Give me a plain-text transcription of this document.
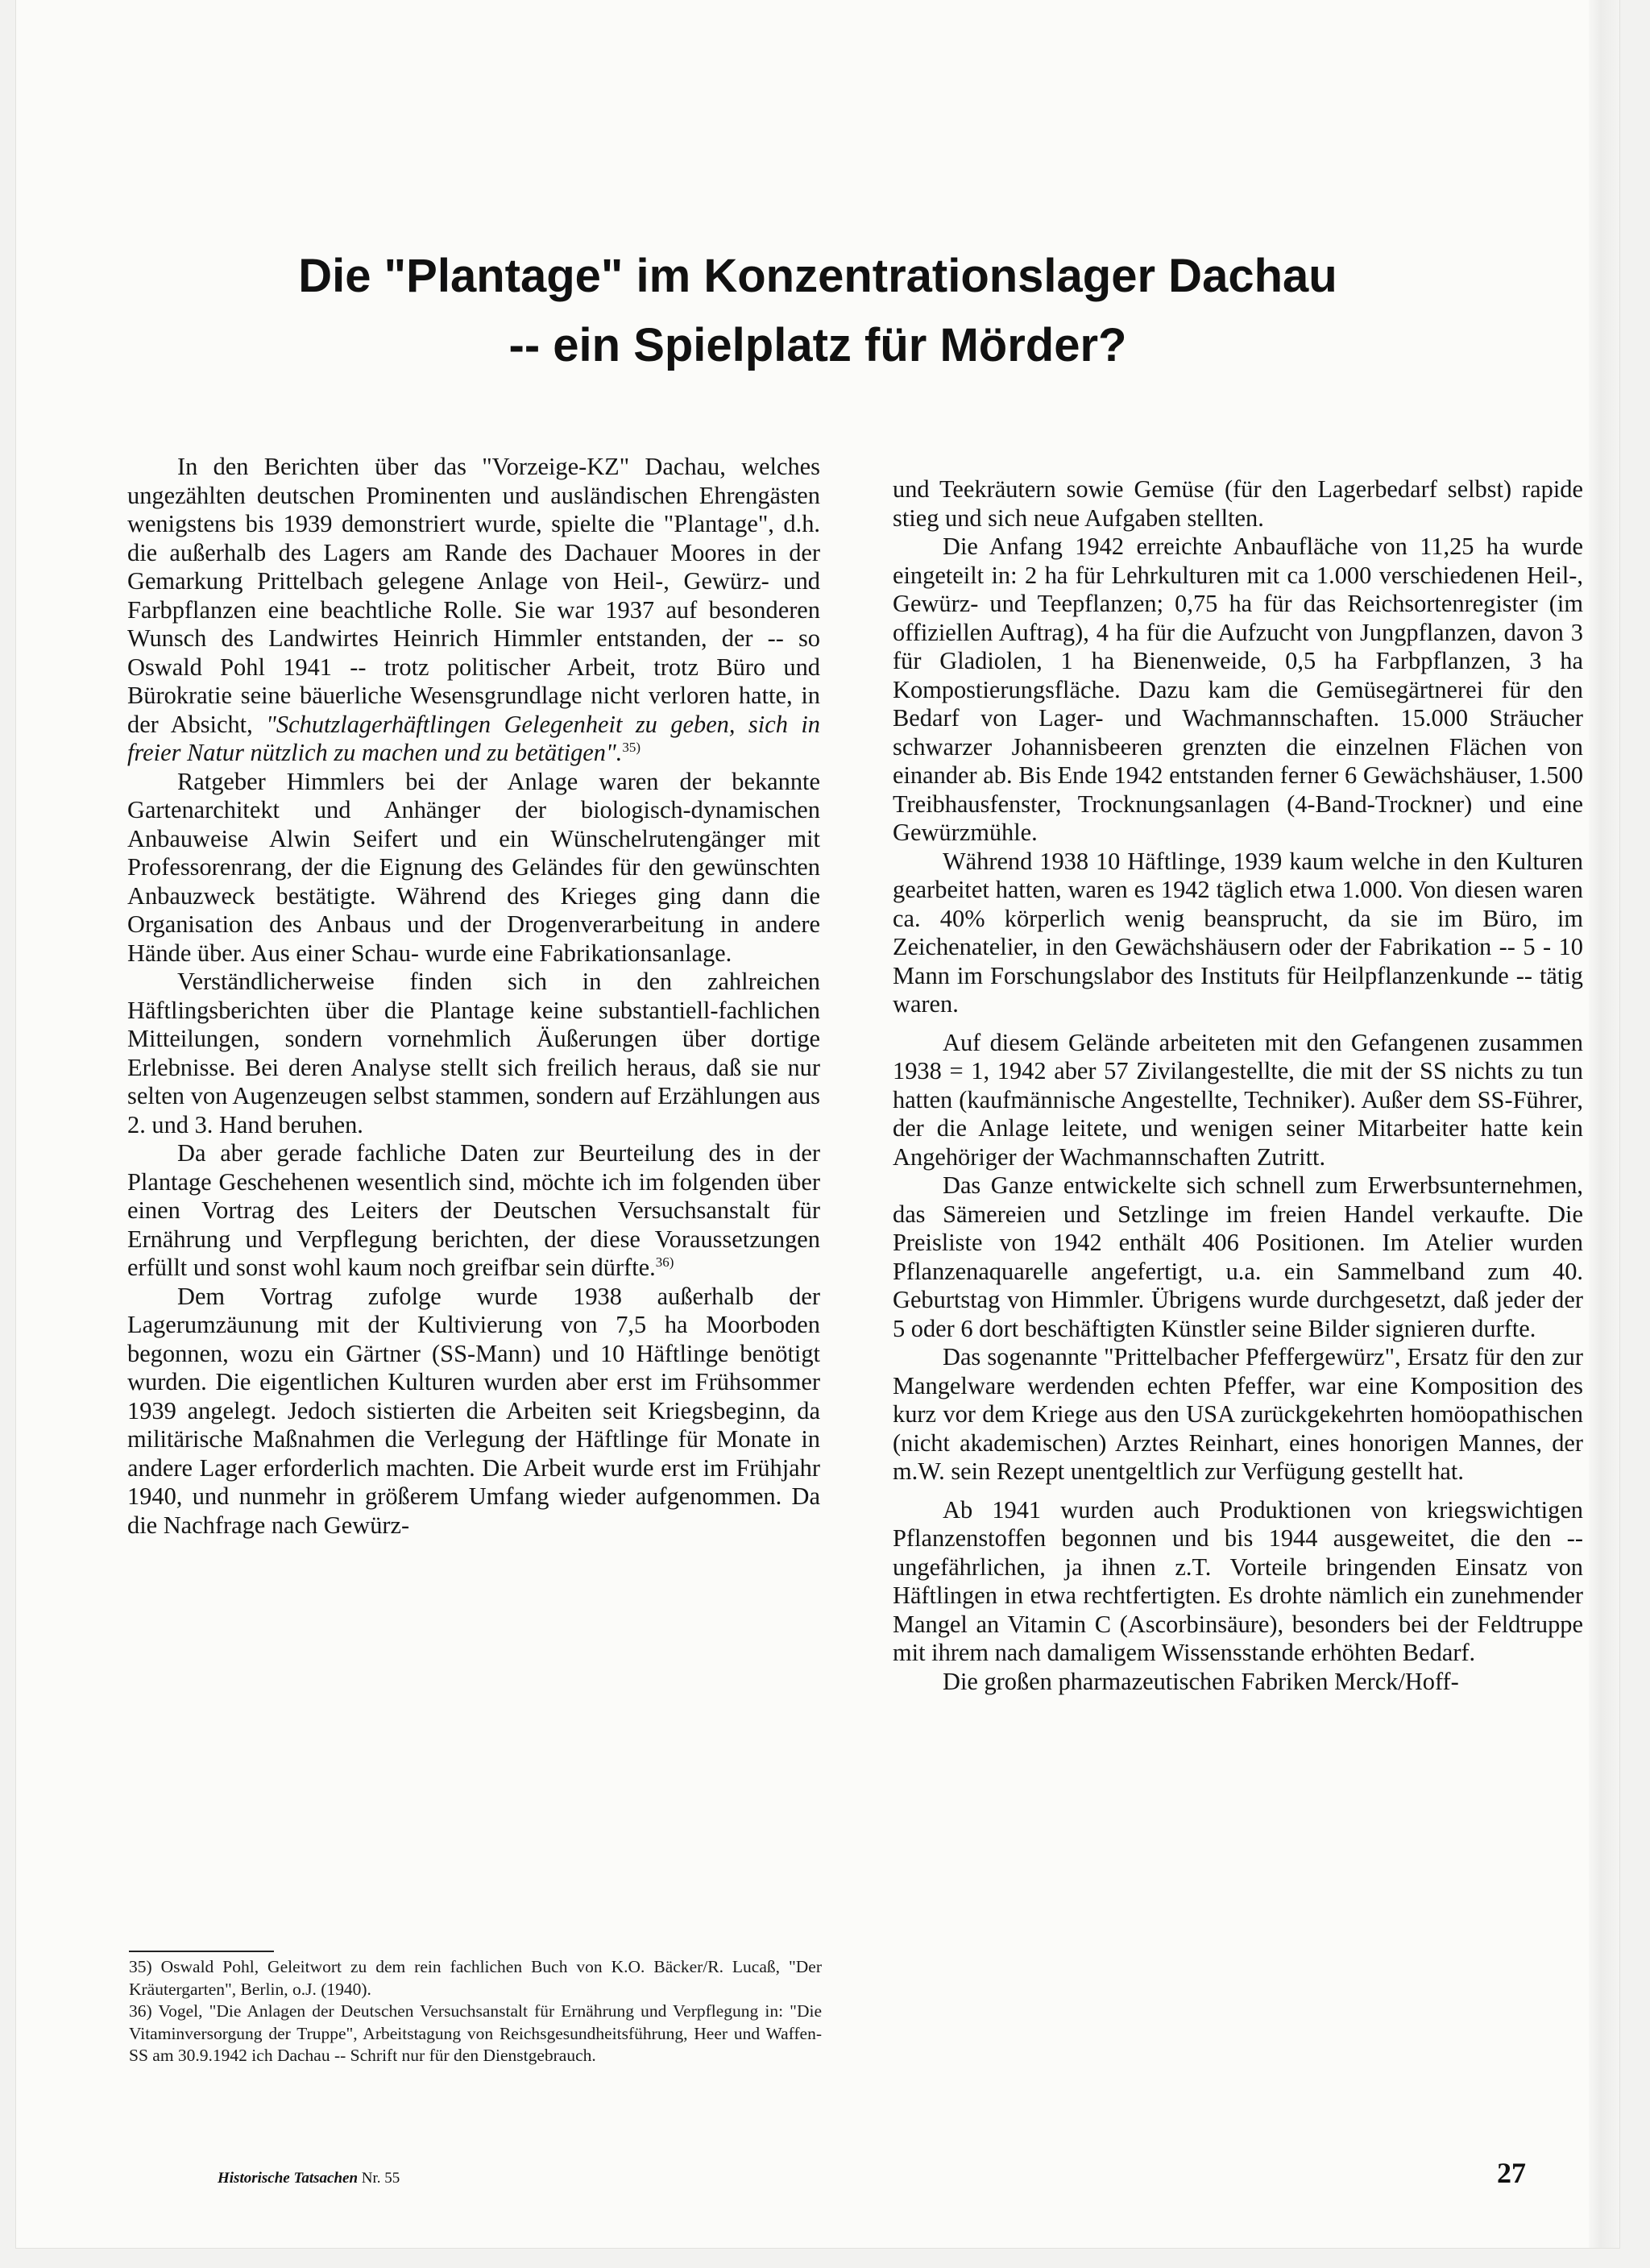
Die "Plantage" im Konzentrationslager Dachau
-- ein Spielplatz für Mörder?

In den Berichten über das "Vorzeige-KZ" Dachau, welches ungezählten deutschen Prominenten und ausländischen Ehrengästen wenigstens bis 1939 demonstriert wurde, spielte die "Plantage", d.h. die außerhalb des Lagers am Rande des Dachauer Moores in der Gemarkung Prittelbach gelegene Anlage von Heil-, Gewürz- und Farbpflanzen eine beachtliche Rolle. Sie war 1937 auf besonderen Wunsch des Landwirtes Heinrich Himmler entstanden, der -- so Oswald Pohl 1941 -- trotz politischer Arbeit, trotz Büro und Bürokratie seine bäuerliche Wesensgrundlage nicht verloren hatte, in der Absicht, "Schutzlagerhäftlingen Gelegenheit zu geben, sich in freier Natur nützlich zu machen und zu betätigen".$^{35)}$

Ratgeber Himmlers bei der Anlage waren der bekannte Gartenarchitekt und Anhänger der biologisch-dynamischen Anbauweise Alwin Seifert und ein Wünschelrutengänger mit Professorenrang, der die Eignung des Geländes für den gewünschten Anbauzweck bestätigte. Während des Krieges ging dann die Organisation des Anbaus und der Drogenverarbeitung in andere Hände über. Aus einer Schau- wurde eine Fabrikationsanlage.

Verständlicherweise finden sich in den zahlreichen Häftlingsberichten über die Plantage keine substantiell-fachlichen Mitteilungen, sondern vornehmlich Äußerungen über dortige Erlebnisse. Bei deren Analyse stellt sich freilich heraus, daß sie nur selten von Augenzeugen selbst stammen, sondern auf Erzählungen aus 2. und 3. Hand beruhen.

Da aber gerade fachliche Daten zur Beurteilung des in der Plantage Geschehenen wesentlich sind, möchte ich im folgenden über einen Vortrag des Leiters der Deutschen Versuchsanstalt für Ernährung und Verpflegung berichten, der diese Voraussetzungen erfüllt und sonst wohl kaum noch greifbar sein dürfte.$^{36)}$

Dem Vortrag zufolge wurde 1938 außerhalb der Lagerumzäunung mit der Kultivierung von 7,5 ha Moorboden begonnen, wozu ein Gärtner (SS-Mann) und 10 Häftlinge benötigt wurden. Die eigentlichen Kulturen wurden aber erst im Frühsommer 1939 angelegt. Jedoch sistierten die Arbeiten seit Kriegsbeginn, da militärische Maßnahmen die Verlegung der Häftlinge für Monate in andere Lager erforderlich machten. Die Arbeit wurde erst im Frühjahr 1940, und nunmehr in größerem Umfang wieder aufgenommen. Da die Nachfrage nach Gewürz-

und Teekräutern sowie Gemüse (für den Lagerbedarf selbst) rapide stieg und sich neue Aufgaben stellten.

Die Anfang 1942 erreichte Anbaufläche von 11,25 ha wurde eingeteilt in: 2 ha für Lehrkulturen mit ca 1.000 verschiedenen Heil-, Gewürz- und Teepflanzen; 0,75 ha für das Reichsortenregister (im offiziellen Auftrag), 4 ha für die Aufzucht von Jungpflanzen, davon 3 für Gladiolen, 1 ha Bienenweide, 0,5 ha Farbpflanzen, 3 ha Kompostierungsfläche. Dazu kam die Gemüsegärtnerei für den Bedarf von Lager- und Wachmannschaften. 15.000 Sträucher schwarzer Johannisbeeren grenzten die einzelnen Flächen von einander ab. Bis Ende 1942 entstanden ferner 6 Gewächshäuser, 1.500 Treibhausfenster, Trocknungsanlagen (4-Band-Trockner) und eine Gewürzmühle.

Während 1938 10 Häftlinge, 1939 kaum welche in den Kulturen gearbeitet hatten, waren es 1942 täglich etwa 1.000. Von diesen waren ca. 40% körperlich wenig beansprucht, da sie im Büro, im Zeichenatelier, in den Gewächshäusern oder der Fabrikation -- 5 - 10 Mann im Forschungslabor des Instituts für Heilpflanzenkunde -- tätig waren.

Auf diesem Gelände arbeiteten mit den Gefangenen zusammen 1938 = 1, 1942 aber 57 Zivilangestellte, die mit der SS nichts zu tun hatten (kaufmännische Angestellte, Techniker). Außer dem SS-Führer, der die Anlage leitete, und wenigen seiner Mitarbeiter hatte kein Angehöriger der Wachmannschaften Zutritt.

Das Ganze entwickelte sich schnell zum Erwerbsunternehmen, das Sämereien und Setzlinge im freien Handel verkaufte. Die Preisliste von 1942 enthält 406 Positionen. Im Atelier wurden Pflanzenaquarelle angefertigt, u.a. ein Sammelband zum 40. Geburtstag von Himmler. Übrigens wurde durchgesetzt, daß jeder der 5 oder 6 dort beschäftigten Künstler seine Bilder signieren durfte.

Das sogenannte "Prittelbacher Pfeffergewürz", Ersatz für den zur Mangelware werdenden echten Pfeffer, war eine Komposition des kurz vor dem Kriege aus den USA zurückgekehrten homöopathischen (nicht akademischen) Arztes Reinhart, eines honorigen Mannes, der m.W. sein Rezept unentgeltlich zur Verfügung gestellt hat.

Ab 1941 wurden auch Produktionen von kriegswichtigen Pflanzenstoffen begonnen und bis 1944 ausgeweitet, die den -- ungefährlichen, ja ihnen z.T. Vorteile bringenden Einsatz von Häftlingen in etwa rechtfertigten. Es drohte nämlich ein zunehmender Mangel an Vitamin C (Ascorbinsäure), besonders bei der Feldtruppe mit ihrem nach damaligem Wissensstande erhöhten Bedarf.

Die großen pharmazeutischen Fabriken Merck/Hoff-

35) Oswald Pohl, Geleitwort zu dem rein fachlichen Buch von K.O. Bäcker/R. Lucaß, "Der Kräutergarten", Berlin, o.J. (1940).

36) Vogel, "Die Anlagen der Deutschen Versuchsanstalt für Ernährung und Verpflegung in: "Die Vitaminversorgung der Truppe", Arbeitstagung von Reichsgesundheitsführung, Heer und Waffen-SS am 30.9.1942 ich Dachau -- Schrift nur für den Dienstgebrauch.

Historische Tatsachen Nr. 55	27
